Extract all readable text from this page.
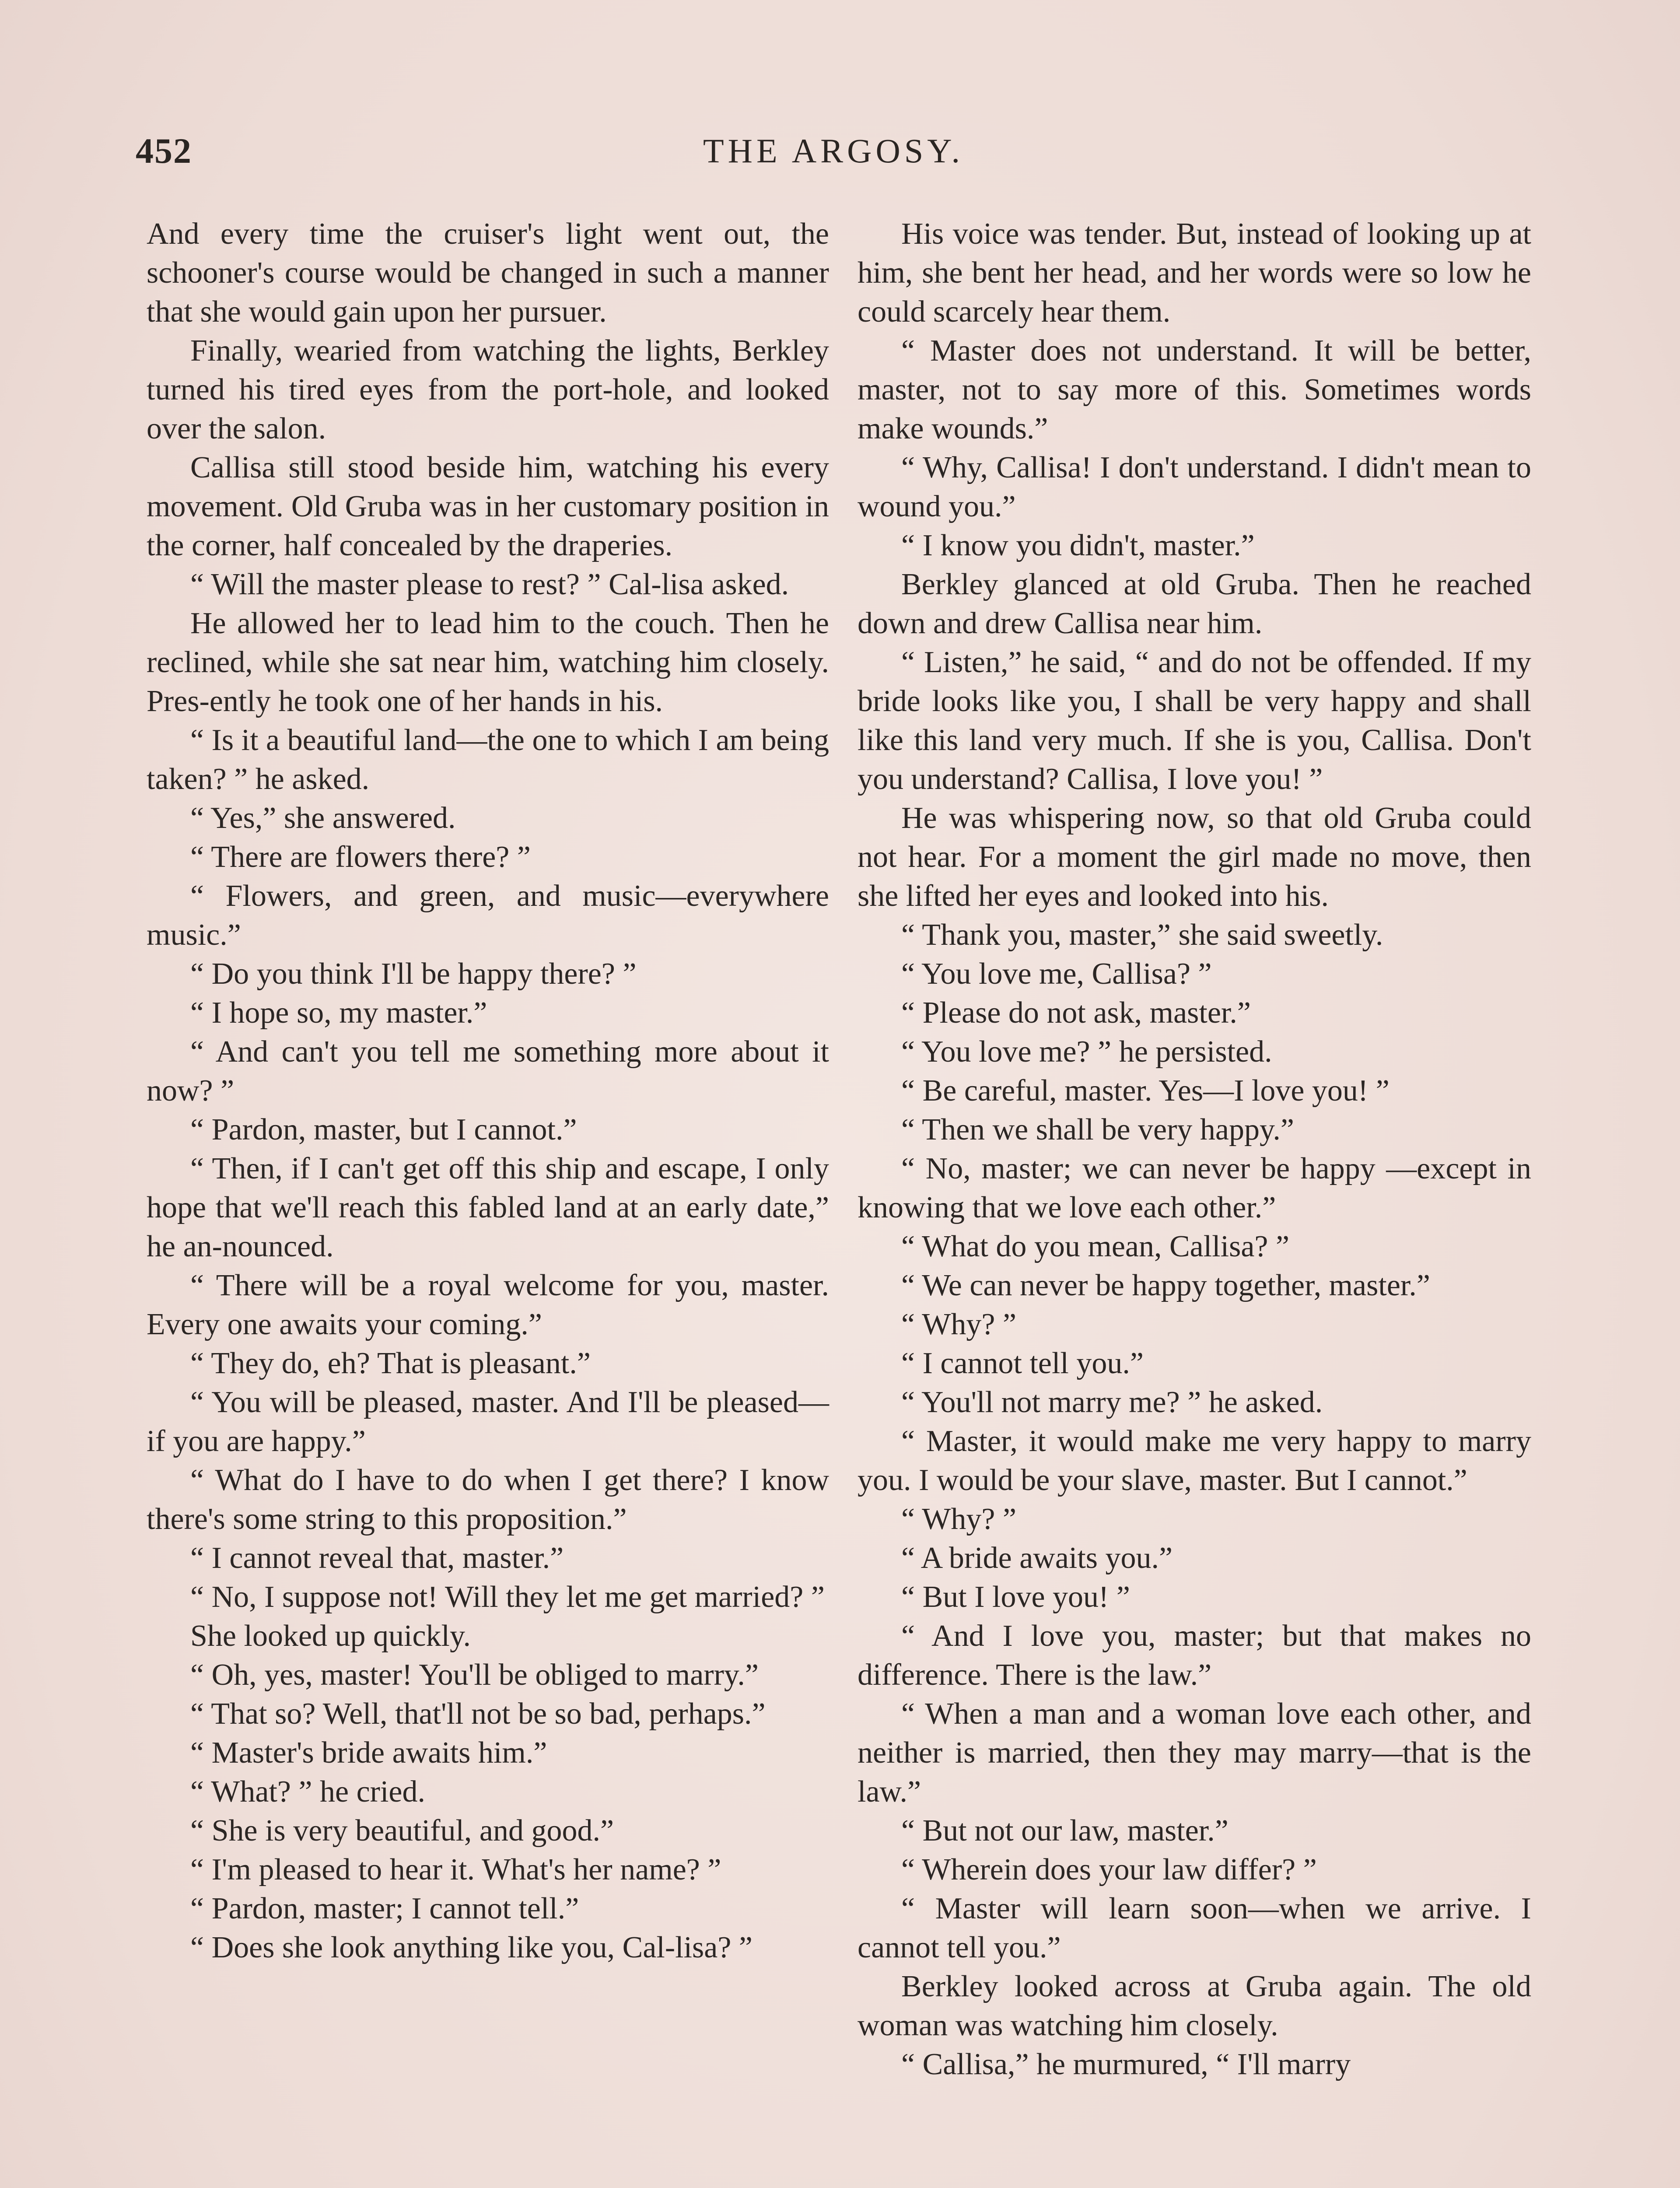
452	THE ARGOSY.

And every time the cruiser's light went out, the schooner's course would be changed in such a manner that she would gain upon her pursuer.

Finally, wearied from watching the lights, Berkley turned his tired eyes from the port-hole, and looked over the salon.

Callisa still stood beside him, watching his every movement. Old Gruba was in her customary position in the corner, half concealed by the draperies.

“ Will the master please to rest? ” Cal-lisa asked.

He allowed her to lead him to the couch. Then he reclined, while she sat near him, watching him closely. Pres-ently he took one of her hands in his.

“ Is it a beautiful land—the one to which I am being taken? ” he asked.

“ Yes,” she answered.

“ There are flowers there? ”

“ Flowers, and green, and music—everywhere music.”

“ Do you think I'll be happy there? ”

“ I hope so, my master.”

“ And can't you tell me something more about it now? ”

“ Pardon, master, but I cannot.”

“ Then, if I can't get off this ship and escape, I only hope that we'll reach this fabled land at an early date,” he an-nounced.

“ There will be a royal welcome for you, master. Every one awaits your coming.”

“ They do, eh? That is pleasant.”

“ You will be pleased, master. And I'll be pleased—if you are happy.”

“ What do I have to do when I get there? I know there's some string to this proposition.”

“ I cannot reveal that, master.”

“ No, I suppose not! Will they let me get married? ”

She looked up quickly.

“ Oh, yes, master! You'll be obliged to marry.”

“ That so? Well, that'll not be so bad, perhaps.”

“ Master's bride awaits him.”

“ What? ” he cried.

“ She is very beautiful, and good.”

“ I'm pleased to hear it. What's her name? ”

“ Pardon, master; I cannot tell.”

“ Does she look anything like you, Cal-lisa? ”

His voice was tender. But, instead of looking up at him, she bent her head, and her words were so low he could scarcely hear them.

“ Master does not understand. It will be better, master, not to say more of this. Sometimes words make wounds.”

“ Why, Callisa! I don't understand. I didn't mean to wound you.”

“ I know you didn't, master.”

Berkley glanced at old Gruba. Then he reached down and drew Callisa near him.

“ Listen,” he said, “ and do not be offended. If my bride looks like you, I shall be very happy and shall like this land very much. If she is you, Callisa. Don't you understand? Callisa, I love you! ”

He was whispering now, so that old Gruba could not hear. For a moment the girl made no move, then she lifted her eyes and looked into his.

“ Thank you, master,” she said sweetly.

“ You love me, Callisa? ”

“ Please do not ask, master.”

“ You love me? ” he persisted.

“ Be careful, master. Yes—I love you! ”

“ Then we shall be very happy.”

“ No, master; we can never be happy —except in knowing that we love each other.”

“ What do you mean, Callisa? ”

“ We can never be happy together, master.”

“ Why? ”

“ I cannot tell you.”

“ You'll not marry me? ” he asked.

“ Master, it would make me very happy to marry you. I would be your slave, master. But I cannot.”

“ Why? ”

“ A bride awaits you.”

“ But I love you! ”

“ And I love you, master; but that makes no difference. There is the law.”

“ When a man and a woman love each other, and neither is married, then they may marry—that is the law.”

“ But not our law, master.”

“ Wherein does your law differ? ”

“ Master will learn soon—when we arrive. I cannot tell you.”

Berkley looked across at Gruba again. The old woman was watching him closely.

“ Callisa,” he murmured, “ I'll marry
